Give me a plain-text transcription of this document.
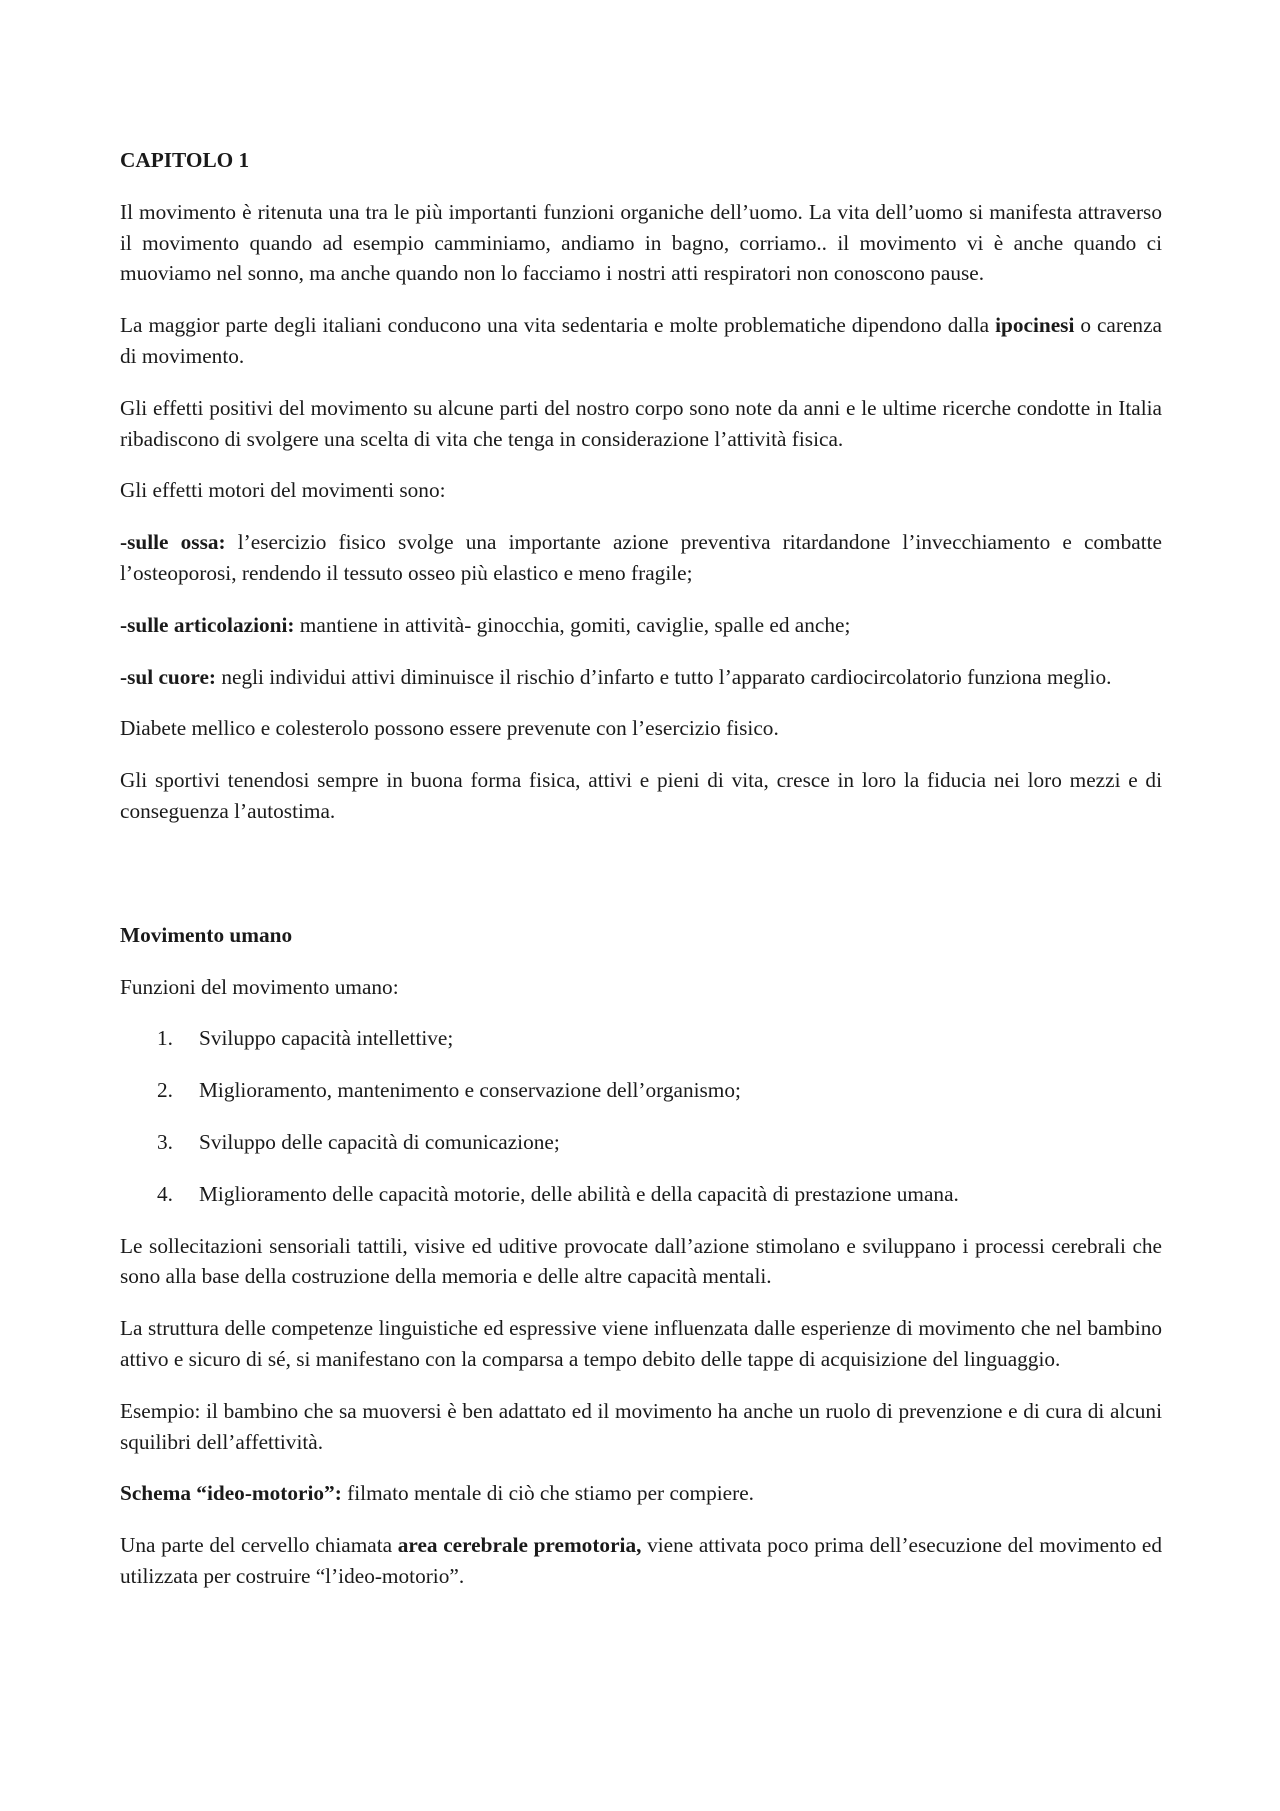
CAPITOLO 1

Il movimento è ritenuta una tra le più importanti funzioni organiche dell’uomo. La vita dell’uomo si manifesta attraverso il movimento quando ad esempio camminiamo, andiamo in bagno, corriamo.. il movimento vi è anche quando ci muoviamo nel sonno, ma anche quando non lo facciamo i nostri atti respiratori non conoscono pause.

La maggior parte degli italiani conducono una vita sedentaria e molte problematiche dipendono dalla ipocinesi o carenza di movimento.

Gli effetti positivi del movimento su alcune parti del nostro corpo sono note da anni e le ultime ricerche condotte in Italia ribadiscono di svolgere una scelta di vita che tenga in considerazione l’attività fisica.

Gli effetti motori del movimenti sono:

-sulle ossa: l’esercizio fisico svolge una importante azione preventiva ritardandone l’invecchiamento e combatte l’osteoporosi, rendendo il tessuto osseo più elastico e meno fragile;

-sulle articolazioni: mantiene in attività- ginocchia, gomiti, caviglie, spalle ed anche;

-sul cuore: negli individui attivi diminuisce il rischio d’infarto e tutto l’apparato cardiocircolatorio funziona meglio.

Diabete mellico e colesterolo possono essere prevenute con l’esercizio fisico.

Gli sportivi tenendosi sempre in buona forma fisica, attivi e pieni di vita, cresce in loro la fiducia nei loro mezzi e di conseguenza l’autostima.

Movimento umano

Funzioni del movimento umano:

1. Sviluppo capacità intellettive;
2. Miglioramento, mantenimento e conservazione dell’organismo;
3. Sviluppo delle capacità di comunicazione;
4. Miglioramento delle capacità motorie, delle abilità e della capacità di prestazione umana.

Le sollecitazioni sensoriali tattili, visive ed uditive provocate dall’azione stimolano e sviluppano i processi cerebrali che sono alla base della costruzione della memoria e delle altre capacità mentali.

La struttura delle competenze linguistiche ed espressive viene influenzata dalle esperienze di movimento che nel bambino attivo e sicuro di sé, si manifestano con la comparsa a tempo debito delle tappe di acquisizione del linguaggio.

Esempio: il bambino che sa muoversi è ben adattato ed il movimento ha anche un ruolo di prevenzione e di cura di alcuni squilibri dell’affettività.

Schema “ideo-motorio”: filmato mentale di ciò che stiamo per compiere.

Una parte del cervello chiamata area cerebrale premotoria, viene attivata poco prima dell’esecuzione del movimento ed utilizzata per costruire “l’ideo-motorio”.
